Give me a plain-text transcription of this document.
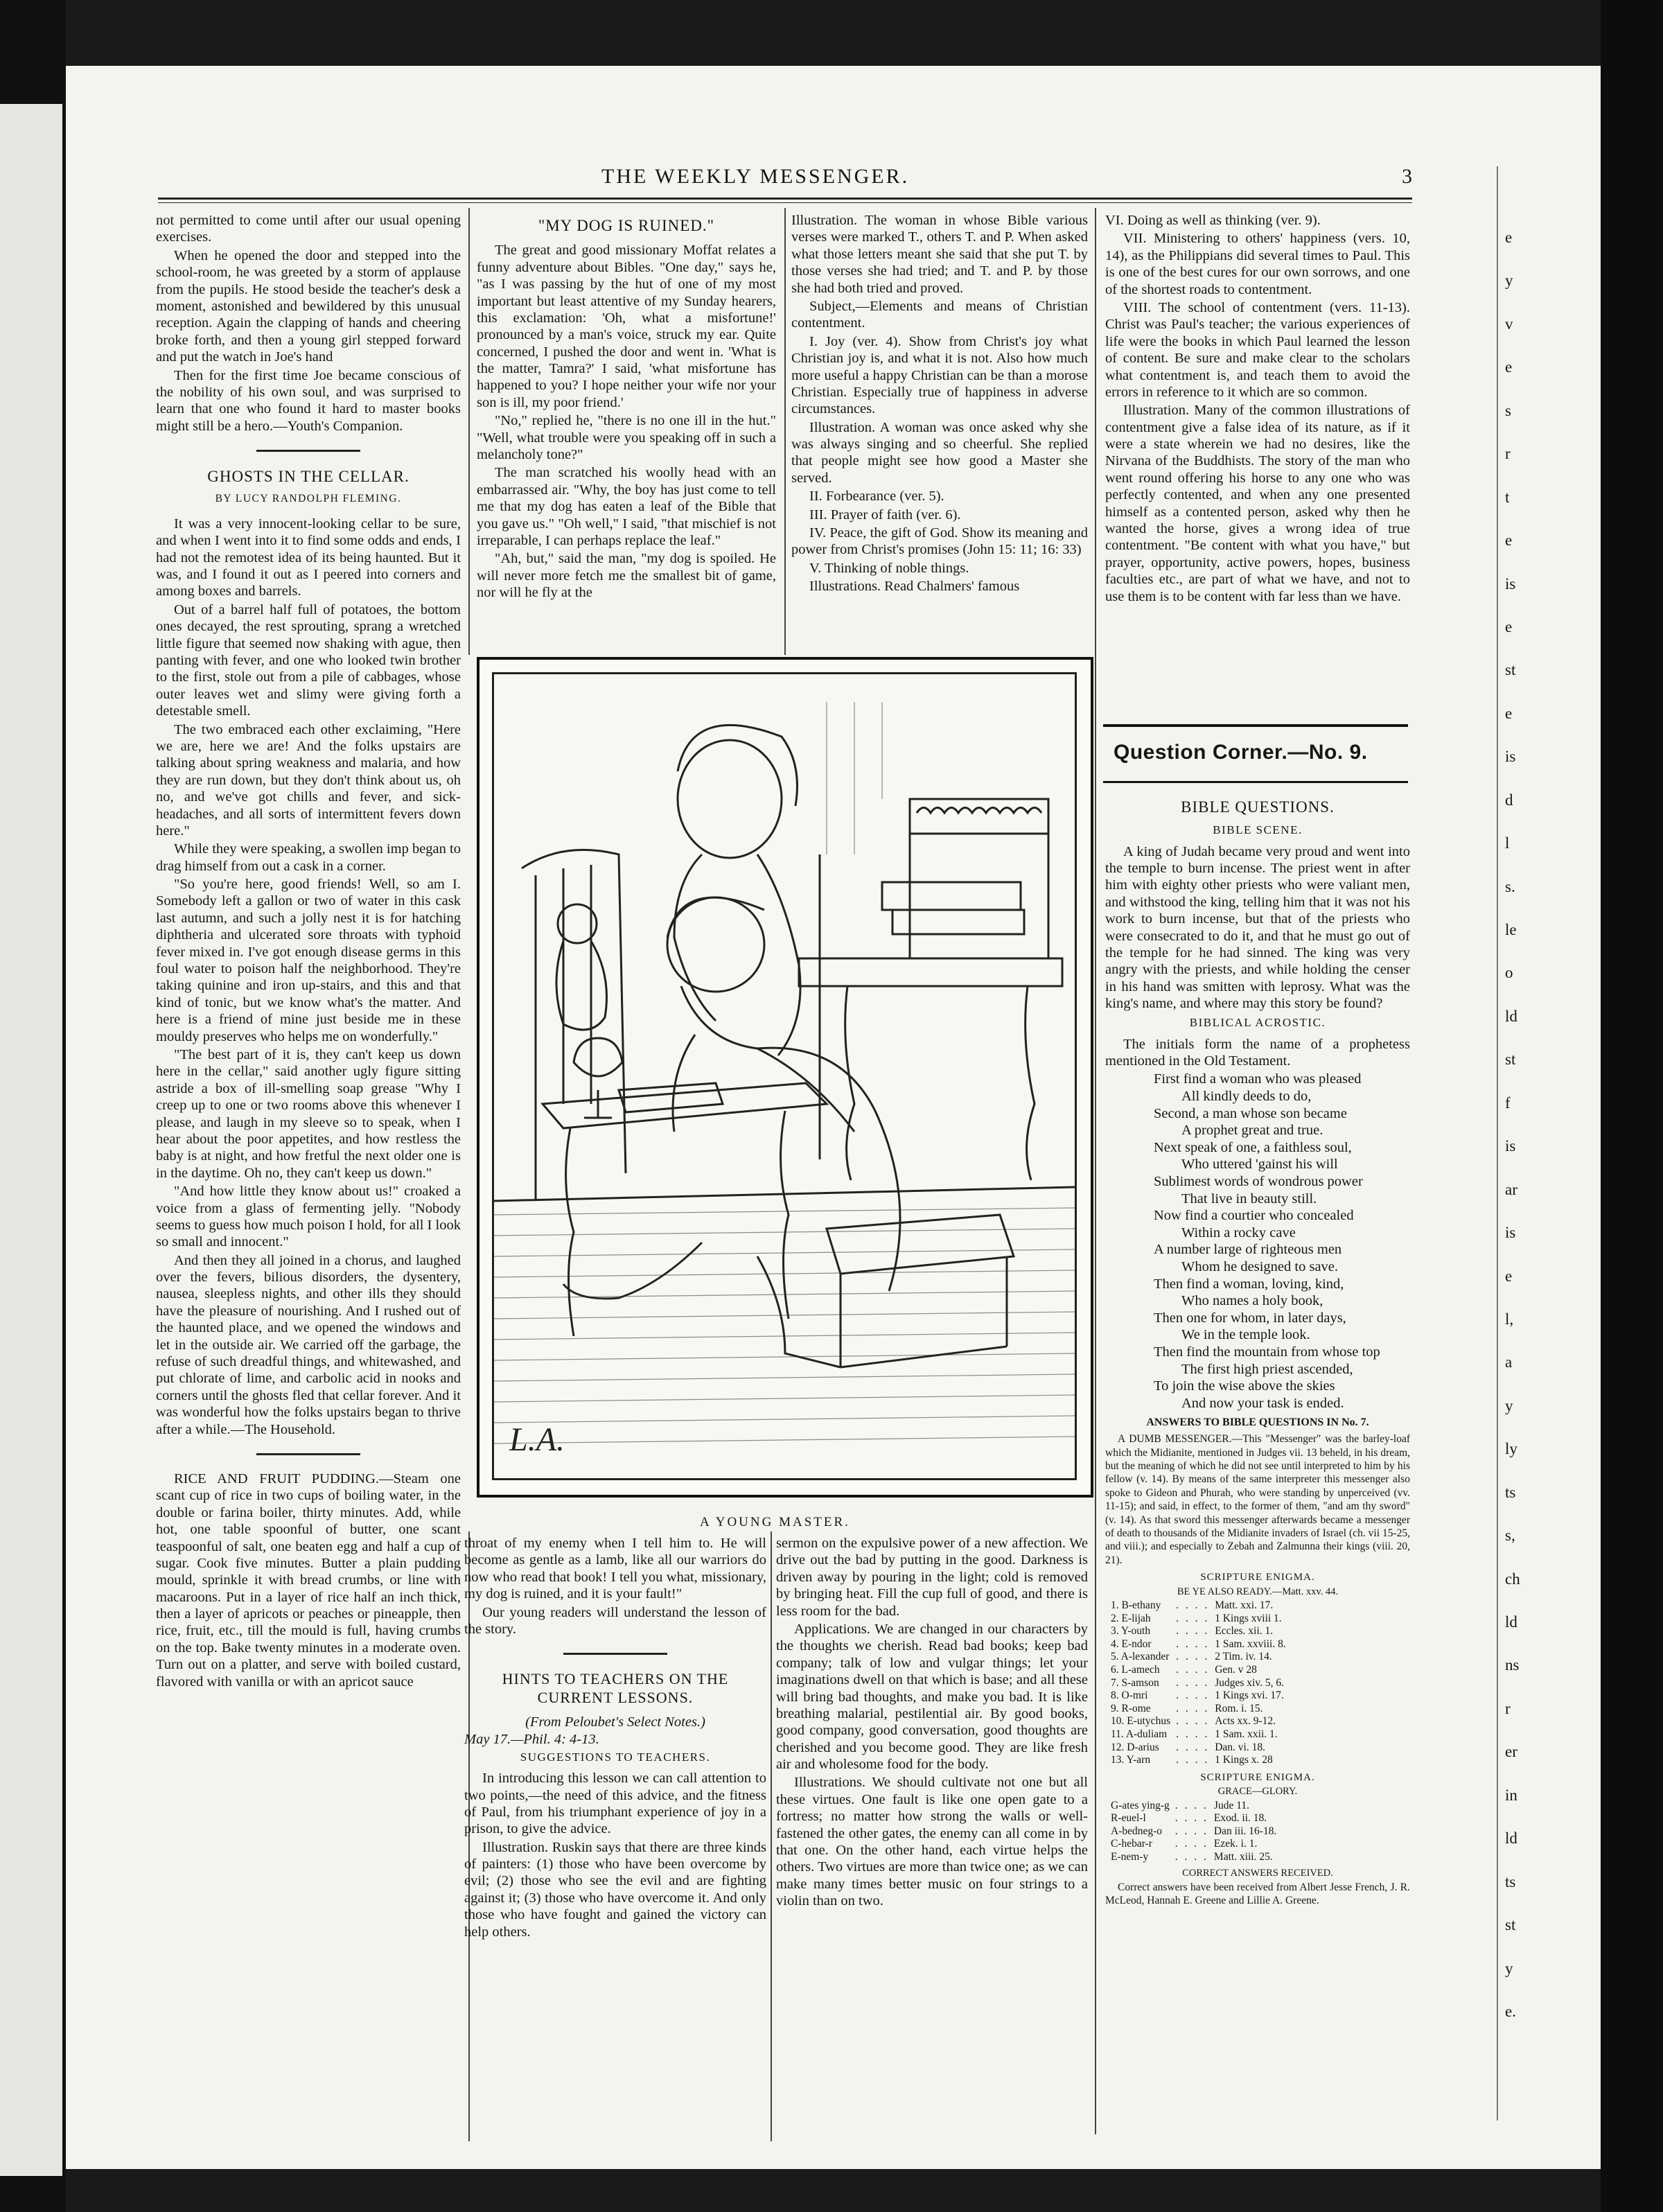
e
y
v
e
s
r
t
e
is
e
st
e
is
d
l
s.
le
o
ld
st
f
is
ar
is
e
l,
a
y
ly
ts
s,
ch
ld
ns
r
er
in
ld
ts
st
y
e.
THE WEEKLY MESSENGER.	3

not permitted to come until after our usual opening exercises.

When he opened the door and stepped into the school-room, he was greeted by a storm of applause from the pupils. He stood beside the teacher's desk a moment, astonished and bewildered by this unusual reception. Again the clapping of hands and cheering broke forth, and then a young girl stepped forward and put the watch in Joe's hand

Then for the first time Joe became conscious of the nobility of his own soul, and was surprised to learn that one who found it hard to master books might still be a hero.—Youth's Companion.

GHOSTS IN THE CELLAR.
BY LUCY RANDOLPH FLEMING.

It was a very innocent-looking cellar to be sure, and when I went into it to find some odds and ends, I had not the remotest idea of its being haunted. But it was, and I found it out as I peered into corners and among boxes and barrels.

Out of a barrel half full of potatoes, the bottom ones decayed, the rest sprouting, sprang a wretched little figure that seemed now shaking with ague, then panting with fever, and one who looked twin brother to the first, stole out from a pile of cabbages, whose outer leaves wet and slimy were giving forth a detestable smell.

The two embraced each other exclaiming, "Here we are, here we are! And the folks upstairs are talking about spring weakness and malaria, and how they are run down, but they don't think about us, oh no, and we've got chills and fever, and sick-headaches, and all sorts of intermittent fevers down here."

While they were speaking, a swollen imp began to drag himself from out a cask in a corner.

"So you're here, good friends! Well, so am I. Somebody left a gallon or two of water in this cask last autumn, and such a jolly nest it is for hatching diphtheria and ulcerated sore throats with typhoid fever mixed in. I've got enough disease germs in this foul water to poison half the neighborhood. They're taking quinine and iron up-stairs, and this and that kind of tonic, but we know what's the matter. And here is a friend of mine just beside me in these mouldy preserves who helps me on wonderfully."

"The best part of it is, they can't keep us down here in the cellar," said another ugly figure sitting astride a box of ill-smelling soap grease "Why I creep up to one or two rooms above this whenever I please, and laugh in my sleeve so to speak, when I hear about the poor appetites, and how restless the baby is at night, and how fretful the next older one is in the daytime. Oh no, they can't keep us down."

"And how little they know about us!" croaked a voice from a glass of fermenting jelly. "Nobody seems to guess how much poison I hold, for all I look so small and innocent."

And then they all joined in a chorus, and laughed over the fevers, bilious disorders, the dysentery, nausea, sleepless nights, and other ills they should have the pleasure of nourishing. And I rushed out of the haunted place, and we opened the windows and let in the outside air. We carried off the garbage, the refuse of such dreadful things, and whitewashed, and put chlorate of lime, and carbolic acid in nooks and corners until the ghosts fled that cellar forever. And it was wonderful how the folks upstairs began to thrive after a while.—The Household.

RICE AND FRUIT PUDDING.—Steam one scant cup of rice in two cups of boiling water, in the double or farina boiler, thirty minutes. Add, while hot, one table spoonful of butter, one scant teaspoonful of salt, one beaten egg and half a cup of sugar. Cook five minutes. Butter a plain pudding mould, sprinkle it with bread crumbs, or line with macaroons. Put in a layer of rice half an inch thick, then a layer of apricots or peaches or pineapple, then rice, fruit, etc., till the mould is full, having crumbs on the top. Bake twenty minutes in a moderate oven. Turn out on a platter, and serve with boiled custard, flavored with vanilla or with an apricot sauce

"MY DOG IS RUINED."

The great and good missionary Moffat relates a funny adventure about Bibles. "One day," says he, "as I was passing by the hut of one of my most important but least attentive of my Sunday hearers, this exclamation: 'Oh, what a misfortune!' pronounced by a man's voice, struck my ear. Quite concerned, I pushed the door and went in. 'What is the matter, Tamra?' I said, 'what misfortune has happened to you? I hope neither your wife nor your son is ill, my poor friend.'

"No," replied he, "there is no one ill in the hut." "Well, what trouble were you speaking off in such a melancholy tone?"

The man scratched his woolly head with an embarrassed air. "Why, the boy has just come to tell me that my dog has eaten a leaf of the Bible that you gave us." "Oh well," I said, "that mischief is not irreparable, I can perhaps replace the leaf."

"Ah, but," said the man, "my dog is spoiled. He will never more fetch me the smallest bit of game, nor will he fly at the

Illustration. The woman in whose Bible various verses were marked T., others T. and P. When asked what those letters meant she said that she put T. by those verses she had tried; and T. and P. by those she had both tried and proved.

Subject,—Elements and means of Christian contentment.

I. Joy (ver. 4). Show from Christ's joy what Christian joy is, and what it is not. Also how much more useful a happy Christian can be than a morose Christian. Especially true of happiness in adverse circumstances.

Illustration. A woman was once asked why she was always singing and so cheerful. She replied that people might see how good a Master she served.

II. Forbearance (ver. 5).

III. Prayer of faith (ver. 6).

IV. Peace, the gift of God. Show its meaning and power from Christ's promises (John 15: 11; 16: 33)

V. Thinking of noble things.

Illustrations. Read Chalmers' famous

L.A.
A YOUNG MASTER.

throat of my enemy when I tell him to. He will become as gentle as a lamb, like all our warriors do now who read that book! I tell you what, missionary, my dog is ruined, and it is your fault!"

Our young readers will understand the lesson of the story.

HINTS TO TEACHERS ON THE CURRENT LESSONS.
(From Peloubet's Select Notes.)

May 17.—Phil. 4: 4-13.

SUGGESTIONS TO TEACHERS.

In introducing this lesson we can call attention to two points,—the need of this advice, and the fitness of Paul, from his triumphant experience of joy in a prison, to give the advice.

Illustration. Ruskin says that there are three kinds of painters: (1) those who have been overcome by evil; (2) those who see the evil and are fighting against it; (3) those who have overcome it. And only those who have fought and gained the victory can help others.

sermon on the expulsive power of a new affection. We drive out the bad by putting in the good. Darkness is driven away by pouring in the light; cold is removed by bringing heat. Fill the cup full of good, and there is less room for the bad.

Applications. We are changed in our characters by the thoughts we cherish. Read bad books; keep bad company; talk of low and vulgar things; let your imaginations dwell on that which is base; and all these will bring bad thoughts, and make you bad. It is like breathing malarial, pestilential air. By good books, good company, good conversation, good thoughts are cherished and you become good. They are like fresh air and wholesome food for the body.

Illustrations. We should cultivate not one but all these virtues. One fault is like one open gate to a fortress; no matter how strong the walls or well-fastened the other gates, the enemy can all come in by that one. On the other hand, each virtue helps the others. Two virtues are more than twice one; as we can make many times better music on four strings to a violin than on two.

VI. Doing as well as thinking (ver. 9).

VII. Ministering to others' happiness (vers. 10, 14), as the Philippians did several times to Paul. This is one of the best cures for our own sorrows, and one of the shortest roads to contentment.

VIII. The school of contentment (vers. 11-13). Christ was Paul's teacher; the various experiences of life were the books in which Paul learned the lesson of content. Be sure and make clear to the scholars what contentment is, and teach them to avoid the errors in reference to it which are so common.

Illustration. Many of the common illustrations of contentment give a false idea of its nature, as if it were a state wherein we had no desires, like the Nirvana of the Buddhists. The story of the man who went round offering his horse to any one who was perfectly contented, and when any one presented himself as a contented person, asked why then he wanted the horse, gives a wrong idea of true contentment. "Be content with what you have," but prayer, opportunity, active powers, hopes, business faculties etc., are part of what we have, and not to use them is to be content with far less than we have.

Question Corner.—No. 9.
BIBLE QUESTIONS.
BIBLE SCENE.

A king of Judah became very proud and went into the temple to burn incense. The priest went in after him with eighty other priests who were valiant men, and withstood the king, telling him that it was not his work to burn incense, but that of the priests who were consecrated to do it, and that he must go out of the temple for he had sinned. The king was very angry with the priests, and while holding the censer in his hand was smitten with leprosy. What was the king's name, and where may this story be found?

BIBLICAL ACROSTIC.

The initials form the name of a prophetess mentioned in the Old Testament.

First find a woman who was pleased
All kindly deeds to do,
Second, a man whose son became
A prophet great and true.
Next speak of one, a faithless soul,
Who uttered 'gainst his will
Sublimest words of wondrous power
That live in beauty still.
Now find a courtier who concealed
Within a rocky cave
A number large of righteous men
Whom he designed to save.
Then find a woman, loving, kind,
Who names a holy book,
Then one for whom, in later days,
We in the temple look.
Then find the mountain from whose top
The first high priest ascended,
To join the wise above the skies
And now your task is ended.
ANSWERS TO BIBLE QUESTIONS IN No. 7.

A DUMB MESSENGER.—This "Messenger" was the barley-loaf which the Midianite, mentioned in Judges vii. 13 beheld, in his dream, but the meaning of which he did not see until interpreted to him by his fellow (v. 14). By means of the same interpreter this messenger also spoke to Gideon and Phurah, who were standing by unperceived (vv. 11-15); and said, in effect, to the former of them, "and am thy sword" (v. 14). As that sword this messenger afterwards became a messenger of death to thousands of the Midianite invaders of Israel (ch. vii 15-25, and viii.); and especially to Zebah and Zalmunna their kings (viii. 20, 21).

SCRIPTURE ENIGMA.
BE YE ALSO READY.—Matt. xxv. 44.
1. B-ethany	. . . .	Matt. xxi. 17.
2. E-lijah	. . . .	1 Kings xviii 1.
3. Y-outh	. . . .	Eccles. xii. 1.
4. E-ndor	. . . .	1 Sam. xxviii. 8.
5. A-lexander	. . . .	2 Tim. iv. 14.
6. L-amech	. . . .	Gen. v 28
7. S-amson	. . . .	Judges xiv. 5, 6.
8. O-mri	. . . .	1 Kings xvi. 17.
9. R-ome	. . . .	Rom. i. 15.
10. E-utychus	. . . .	Acts xx. 9-12.
11. A-duliam	. . . .	1 Sam. xxii. 1.
12. D-arius	. . . .	Dan. vi. 18.
13. Y-arn	. . . .	1 Kings x. 28
SCRIPTURE ENIGMA.
GRACE—GLORY.
G-ates ying-g	. . . .	Jude 11.
R-euel-l	. . . .	Exod. ii. 18.
A-bedneg-o	. . . .	Dan iii. 16-18.
C-hebar-r	. . . .	Ezek. i. 1.
E-nem-y	. . . .	Matt. xiii. 25.
CORRECT ANSWERS RECEIVED.

Correct answers have been received from Albert Jesse French, J. R. McLeod, Hannah E. Greene and Lillie A. Greene.
